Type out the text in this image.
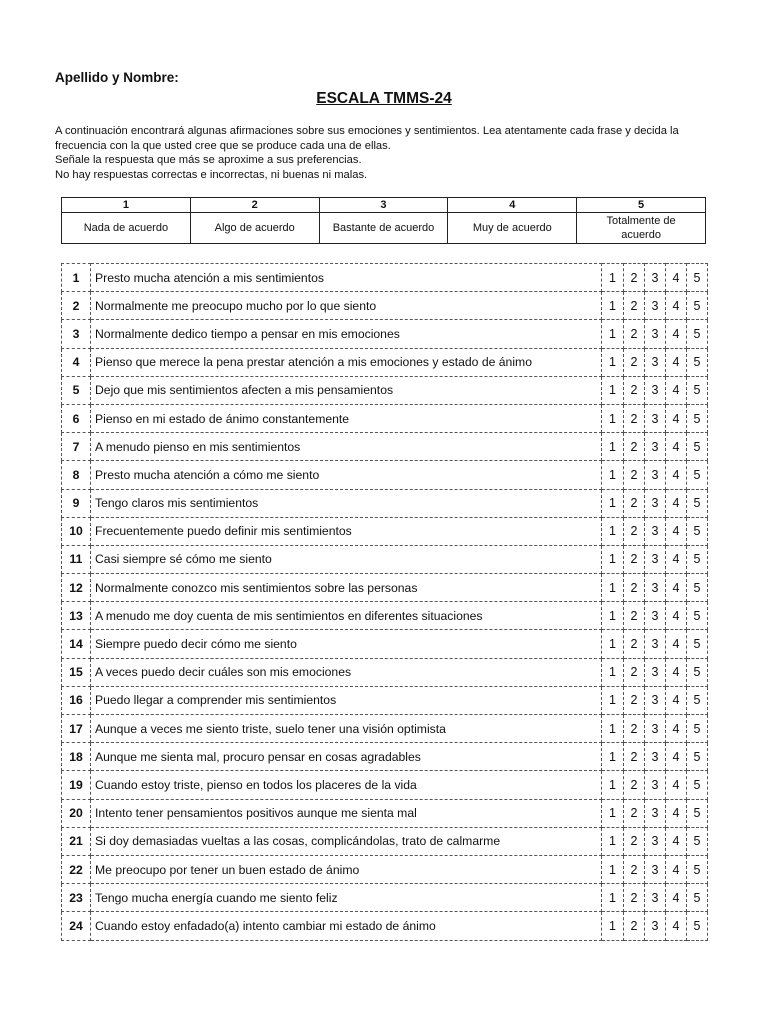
Apellido y Nombre:
ESCALA TMMS-24

A continuación encontrará algunas afirmaciones sobre sus emociones y sentimientos. Lea atentamente cada frase y decida la frecuencia con la que usted cree que se produce cada una de ellas.

Señale la respuesta que más se aproxime a sus preferencias.

No hay respuestas correctas e incorrectas, ni buenas ni malas.

1	2	3	4	5
Nada de acuerdo	Algo de acuerdo	Bastante de acuerdo	Muy de acuerdo	Totalmente de acuerdo
1	Presto mucha atención a mis sentimientos	1	2	3	4	5
2	Normalmente me preocupo mucho por lo que siento	1	2	3	4	5
3	Normalmente dedico tiempo a pensar en mis emociones	1	2	3	4	5
4	Pienso que merece la pena prestar atención a mis emociones y estado de ánimo	1	2	3	4	5
5	Dejo que mis sentimientos afecten a mis pensamientos	1	2	3	4	5
6	Pienso en mi estado de ánimo constantemente	1	2	3	4	5
7	A menudo pienso en mis sentimientos	1	2	3	4	5
8	Presto mucha atención a cómo me siento	1	2	3	4	5
9	Tengo claros mis sentimientos	1	2	3	4	5
10	Frecuentemente puedo definir mis sentimientos	1	2	3	4	5
11	Casi siempre sé cómo me siento	1	2	3	4	5
12	Normalmente conozco mis sentimientos sobre las personas	1	2	3	4	5
13	A menudo me doy cuenta de mis sentimientos en diferentes situaciones	1	2	3	4	5
14	Siempre puedo decir cómo me siento	1	2	3	4	5
15	A veces puedo decir cuáles son mis emociones	1	2	3	4	5
16	Puedo llegar a comprender mis sentimientos	1	2	3	4	5
17	Aunque a veces me siento triste, suelo tener una visión optimista	1	2	3	4	5
18	Aunque me sienta mal, procuro pensar en cosas agradables	1	2	3	4	5
19	Cuando estoy triste, pienso en todos los placeres de la vida	1	2	3	4	5
20	Intento tener pensamientos positivos aunque me sienta mal	1	2	3	4	5
21	Si doy demasiadas vueltas a las cosas, complicándolas, trato de calmarme	1	2	3	4	5
22	Me preocupo por tener un buen estado de ánimo	1	2	3	4	5
23	Tengo mucha energía cuando me siento feliz	1	2	3	4	5
24	Cuando estoy enfadado(a) intento cambiar mi estado de ánimo	1	2	3	4	5
